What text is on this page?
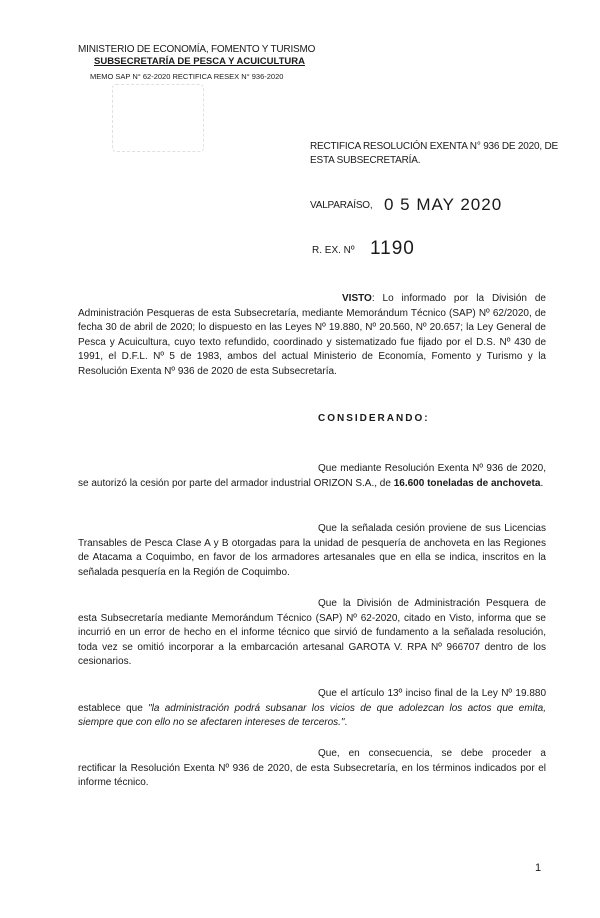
MINISTERIO DE ECONOMÍA, FOMENTO Y TURISMO
SUBSECRETARÍA DE PESCA Y ACUICULTURA
MEMO SAP N° 62-2020 RECTIFICA RESEX N° 936-2020
RECTIFICA RESOLUCIÓN EXENTA N° 936 DE 2020, DE ESTA SUBSECRETARÍA.
VALPARAÍSO, 0 5 MAY 2020
R. EX. Nº 1190
VISTO: Lo informado por la División de Administración Pesqueras de esta Subsecretaría, mediante Memorándum Técnico (SAP) Nº 62/2020, de fecha 30 de abril de 2020; lo dispuesto en las Leyes Nº 19.880, Nº 20.560, Nº 20.657; la Ley General de Pesca y Acuicultura, cuyo texto refundido, coordinado y sistematizado fue fijado por el D.S. Nº 430 de 1991, el D.F.L. Nº 5 de 1983, ambos del actual Ministerio de Economía, Fomento y Turismo y la Resolución Exenta Nº 936 de 2020 de esta Subsecretaría.
CONSIDERANDO:
Que mediante Resolución Exenta Nº 936 de 2020, se autorizó la cesión por parte del armador industrial ORIZON S.A., de 16.600 toneladas de anchoveta.
Que la señalada cesión proviene de sus Licencias Transables de Pesca Clase A y B otorgadas para la unidad de pesquería de anchoveta en las Regiones de Atacama a Coquimbo, en favor de los armadores artesanales que en ella se indica, inscritos en la señalada pesquería en la Región de Coquimbo.
Que la División de Administración Pesquera de esta Subsecretaría mediante Memorándum Técnico (SAP) Nº 62-2020, citado en Visto, informa que se incurrió en un error de hecho en el informe técnico que sirvió de fundamento a la señalada resolución, toda vez se omitió incorporar a la embarcación artesanal GAROTA V. RPA Nº 966707 dentro de los cesionarios.
Que el artículo 13º inciso final de la Ley Nº 19.880 establece que "la administración podrá subsanar los vicios de que adolezcan los actos que emita, siempre que con ello no se afectaren intereses de terceros.".
Que, en consecuencia, se debe proceder a rectificar la Resolución Exenta Nº 936 de 2020, de esta Subsecretaría, en los términos indicados por el informe técnico.
1
